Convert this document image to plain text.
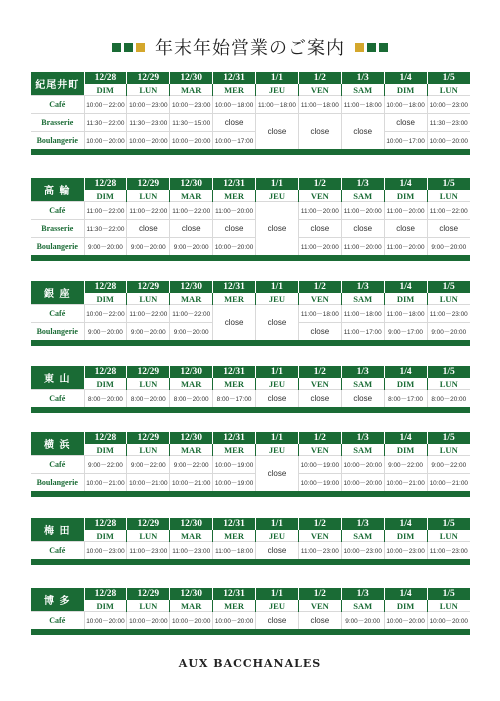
年末年始営業のご案内
紀尾井町	12/28	12/29	12/30	12/31	1/1	1/2	1/3	1/4	1/5
	DIM	LUN	MAR	MER	JEU	VEN	SAM	DIM	LUN
Café	10:00－22:00	10:00－23:00	10:00－23:00	10:00－18:00	11:00－18:00	11:00－18:00	11:00－18:00	10:00－18:00	10:00－23:00
Brasserie	11:30－22:00	11:30－23:00	11:30－15:00	close	close	close	close	close	11:30－23:00
Boulangerie	10:00－20:00	10:00－20:00	10:00－20:00	10:00－17:00				10:00－17:00	10:00－20:00

高 輪	12/28	12/29	12/30	12/31	1/1	1/2	1/3	1/4	1/5
	DIM	LUN	MAR	MER	JEU	VEN	SAM	DIM	LUN
Café	11:00－22:00	11:00－22:00	11:00－22:00	11:00－20:00	close	11:00－20:00	11:00－20:00	11:00－20:00	11:00－22:00
Brasserie	11:30－22:00	close	close	close		close	close	close	close
Boulangerie	9:00－20:00	9:00－20:00	9:00－20:00	10:00－20:00		11:00－20:00	11:00－20:00	11:00－20:00	9:00－20:00

銀 座	12/28	12/29	12/30	12/31	1/1	1/2	1/3	1/4	1/5
	DIM	LUN	MAR	MER	JEU	VEN	SAM	DIM	LUN
Café	10:00－22:00	11:00－22:00	11:00－22:00	close	close	11:00－18:00	11:00－18:00	11:00－18:00	11:00－23:00
Boulangerie	9:00－20:00	9:00－20:00	9:00－20:00			close	11:00－17:00	9:00－17:00	9:00－20:00

東 山	12/28	12/29	12/30	12/31	1/1	1/2	1/3	1/4	1/5
	DIM	LUN	MAR	MER	JEU	VEN	SAM	DIM	LUN
Café	8:00－20:00	8:00－20:00	8:00－20:00	8:00－17:00	close	close	close	8:00－17:00	8:00－20:00

横 浜	12/28	12/29	12/30	12/31	1/1	1/2	1/3	1/4	1/5
	DIM	LUN	MAR	MER	JEU	VEN	SAM	DIM	LUN
Café	9:00－22:00	9:00－22:00	9:00－22:00	10:00－19:00	close	10:00－19:00	10:00－20:00	9:00－22:00	9:00－22:00
Boulangerie	10:00－21:00	10:00－21:00	10:00－21:00	10:00－19:00		10:00－19:00	10:00－20:00	10:00－21:00	10:00－21:00

梅 田	12/28	12/29	12/30	12/31	1/1	1/2	1/3	1/4	1/5
	DIM	LUN	MAR	MER	JEU	VEN	SAM	DIM	LUN
Café	10:00－23:00	11:00－23:00	11:00－23:00	11:00－18:00	close	11:00－23:00	10:00－23:00	10:00－23:00	11:00－23:00

博 多	12/28	12/29	12/30	12/31	1/1	1/2	1/3	1/4	1/5
	DIM	LUN	MAR	MER	JEU	VEN	SAM	DIM	LUN
Café	10:00－20:00	10:00－20:00	10:00－20:00	10:00－20:00	close	close	9:00－20:00	10:00－20:00	10:00－20:00

AUX BACCHANALES
